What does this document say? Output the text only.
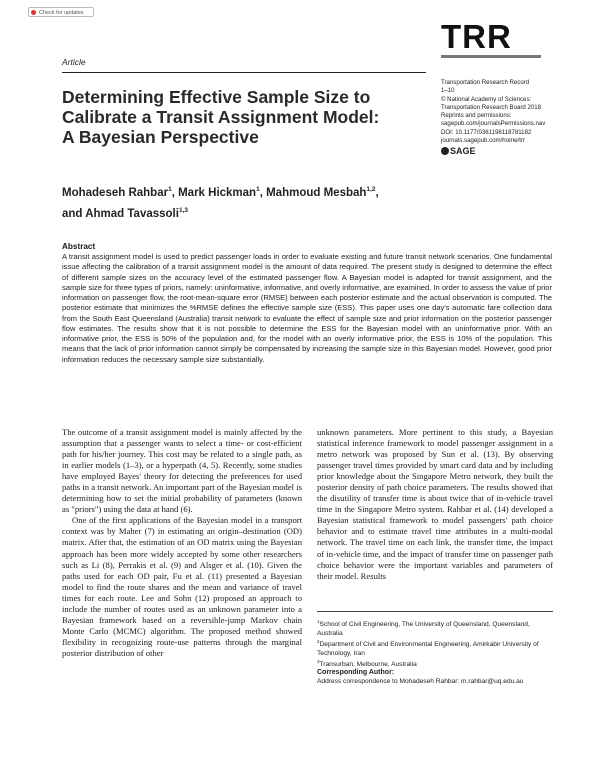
Check for updates
Article
TRR
Transportation Research Record
1–10
© National Academy of Sciences:
Transportation Research Board 2018
Reprints and permissions:
sagepub.com/journalsPermissions.nav
DOI: 10.1177/0361198118781182
journals.sagepub.com/home/trr
SAGE
Determining Effective Sample Size to
Calibrate a Transit Assignment Model:
A Bayesian Perspective
Mohadeseh Rahbar$^1$, Mark Hickman$^1$, Mahmoud Mesbah$^{1,2}$,
and Ahmad Tavassoli$^{1,3}$
Abstract
A transit assignment model is used to predict passenger loads in order to evaluate existing and future transit network scenarios. One fundamental issue affecting the calibration of a transit assignment model is the amount of data required. The present study is designed to determine the effect of different sample sizes on the accuracy level of the estimated passenger flow. A Bayesian model is adapted for transit assignment, and the sample size for three types of priors, namely: uninformative, informative, and overly informative, are examined. In order to assess the value of prior information on passenger flow, the root-mean-square error (RMSE) between each posterior estimate and the actual observation is computed. The posterior estimate that minimizes the %RMSE defines the effective sample size (ESS). This paper uses one day's automatic fare collection data from the South East Queensland (Australia) transit network to evaluate the effect of sample size and prior information on the posterior passenger flow estimates. The results show that it is not possible to determine the ESS for the Bayesian model with an uninformative prior. With an informative prior, the ESS is 50% of the population and, for the model with an overly informative prior, the ESS is 10% of the population. This means that the lack of prior information cannot simply be compensated by increasing the sample size in this Bayesian model. However, good prior information reduces the necessary sample size substantially.

The outcome of a transit assignment model is mainly affected by the assumption that a passenger wants to select a time- or cost-efficient path for his/her journey. This cost may be related to a single path, as in earlier models (1–3), or a hyperpath (4, 5). Recently, some studies have employed Bayes' theory for detecting the preferences for used paths in a transit network. An important part of the Bayesian model is determining how to set the initial probability of parameters (known as "priors") using the data at hand (6).

One of the first applications of the Bayesian model in a transport context was by Maher (7) in estimating an origin–destination (OD) matrix. After that, the estimation of an OD matrix using the Bayesian approach has been more widely accepted by some other researchers such as Li (8), Perrakis et al. (9) and Alsger et al. (10). Given the paths used for each OD pair, Fu et al. (11) presented a Bayesian model to find the route shares and the mean and variance of travel times for each route. Lee and Sohn (12) proposed an approach to include the number of routes used as an unknown parameter into a Bayesian framework based on a reversible-jump Markov chain Monte Carlo (MCMC) algorithm. The proposed method showed flexibility in recognizing route-use patterns through the marginal posterior distribution of other

unknown parameters. More pertinent to this study, a Bayesian statistical inference framework to model passenger assignment in a metro network was proposed by Sun et al. (13). By observing passenger travel times provided by smart card data and by including prior knowledge about the Singapore Metro network, they built the posterior density of path choice parameters. The results showed that the disutility of transfer time is about twice that of in-vehicle travel time in the Singapore Metro system. Rahbar et al. (14) developed a Bayesian statistical framework to model passengers' path choice behavior and to estimate travel time attributes in a multi-modal network. The travel time on each link, the transfer time, the impact of in-vehicle time, and the impact of transfer time on passenger path choice behavior were the important variables and parameters of their model. Results

$^1$School of Civil Engineering, The University of Queensland, Queensland, Australia
$^2$Department of Civil and Environmental Engineering, Amirkabir University of Technology, Iran
$^3$Transurban, Melbourne, Australia
Corresponding Author:
Address correspondence to Mohadeseh Rahbar: m.rahbar@uq.edu.au
